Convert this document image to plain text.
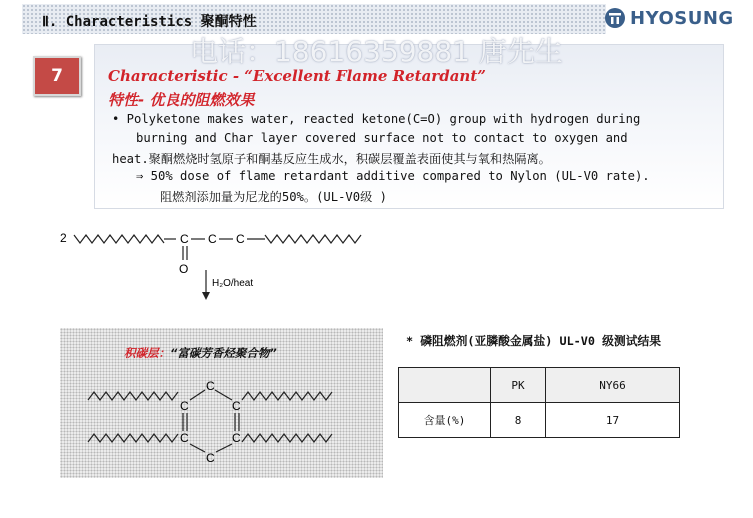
Ⅱ. Characteristics 聚酮特性	HYOSUNG
电话：18616359881 唐先生
7	Characteristic - “Excellent Flame Retardant”
特性- 优良的阻燃效果
• Polyketone makes water, reacted ketone(C=O) group with hydrogen during
burning and Char layer covered surface not to contact to oxygen and
heat.聚酮燃烧时氢原子和酮基反应生成水，积碳层覆盖表面使其与氧和热隔离。
⇒ 50% dose of flame retardant additive compared to Nylon (UL-V0 rate).
阻燃剂添加量为尼龙的50%。(UL-V0级 )
2	C C C
O
H₂O/heat
积碳层：“富碳芳香烃聚合物”
C
C	C
C	C
C
* 磷阻燃剂(亚膦酸金属盐) UL-V0 级测试结果
	PK	NY66
含量(%)	8	17
